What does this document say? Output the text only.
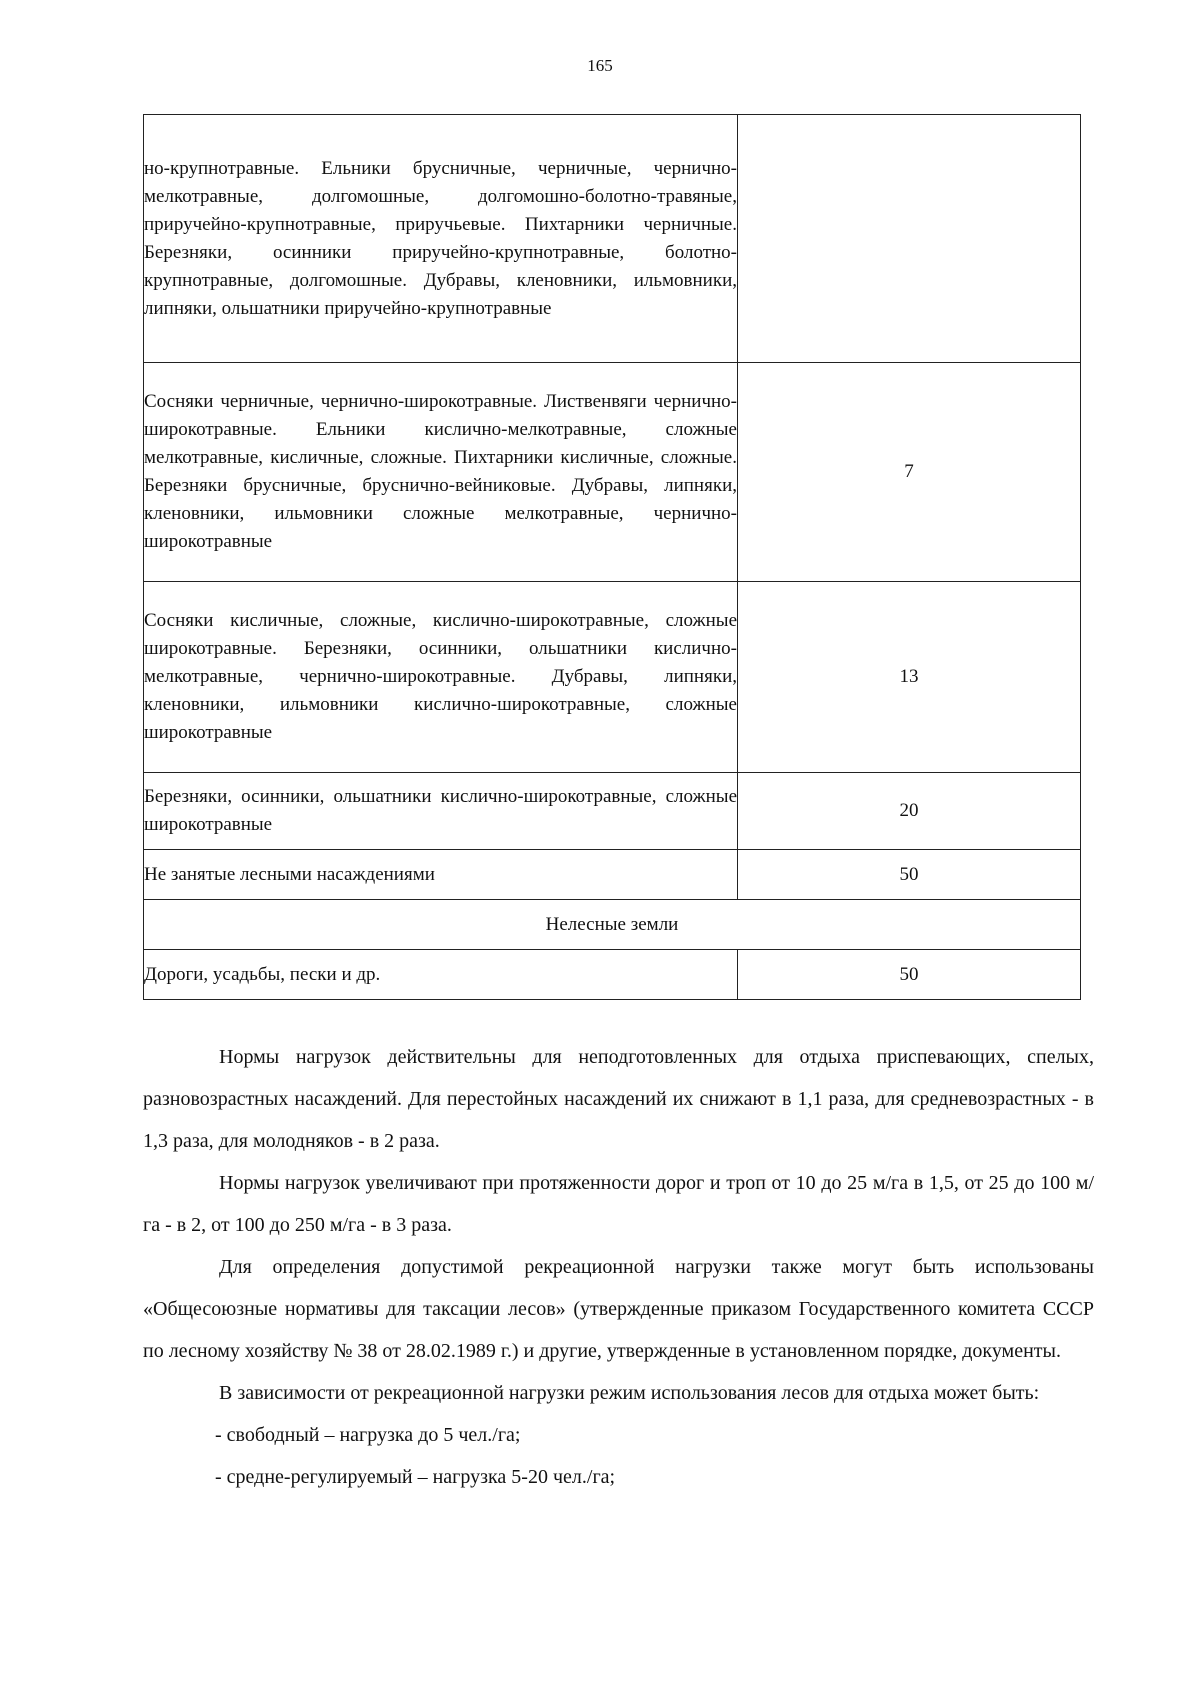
165
но-крупнотравные. Ельники брусничные, черничные, чернично-мелкотравные, долгомошные, долгомошно-болотно-травяные, приручейно-крупнотравные, приручьевые. Пихтарники черничные. Березняки, осинники приручейно-крупнотравные, болотно-крупнотравные, долгомошные. Дубравы, кленовники, ильмовники, липняки, ольшатники приручейно-крупнотравные	
Сосняки черничные, чернично-широкотравные. Лиственвяги чернично-широкотравные. Ельники кислично-мелкотравные, сложные мелкотравные, кисличные, сложные. Пихтарники кисличные, сложные. Березняки брусничные, бруснично-вейниковые. Дубравы, липняки, кленовники, ильмовники сложные мелкотравные, чернично-широкотравные	7
Сосняки кисличные, сложные, кислично-широкотравные, сложные широкотравные. Березняки, осинники, ольшатники кислично-мелкотравные, чернично-широкотравные. Дубравы, липняки, кленовники, ильмовники кислично-широкотравные, сложные широкотравные	13
Березняки, осинники, ольшатники кислично-широкотравные, сложные широкотравные	20
Не занятые лесными насаждениями	50
Нелесные земли	
Дороги, усадьбы, пески и др.	50

Нормы нагрузок действительны для неподготовленных для отдыха приспевающих, спелых, разновозрастных насаждений. Для перестойных насаждений их снижают в 1,1 раза, для средневозрастных - в 1,3 раза, для молодняков - в 2 раза.

Нормы нагрузок увеличивают при протяженности дорог и троп от 10 до 25 м/га в 1,5, от 25 до 100 м/га - в 2, от 100 до 250 м/га - в 3 раза.

Для определения допустимой рекреационной нагрузки также могут быть использованы «Общесоюзные нормативы для таксации лесов» (утвержденные приказом Государственного комитета СССР по лесному хозяйству № 38 от 28.02.1989 г.) и другие, утвержденные в установленном порядке, документы.

В зависимости от рекреационной нагрузки режим использования лесов для отдыха может быть:

- свободный – нагрузка до 5 чел./га;

- средне-регулируемый – нагрузка 5-20 чел./га;
